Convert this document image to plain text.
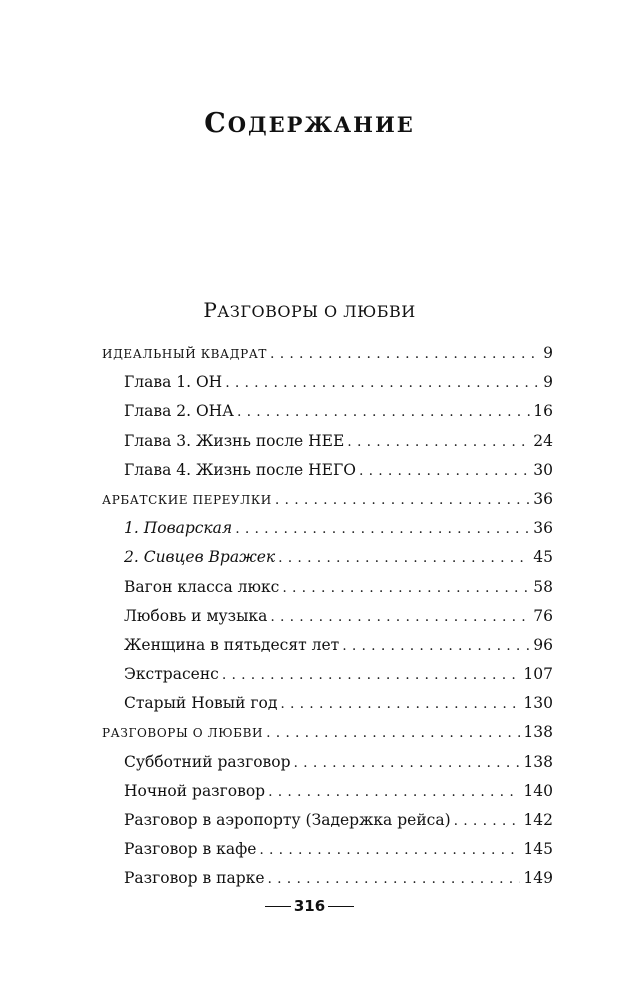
СОДЕРЖАНИЕ
РАЗГОВОРЫ О ЛЮБВИ
ИДЕАЛЬНЫЙ КВАДРАТ .....	9
Глава 1. ОН .....	9
Глава 2. ОНА .....	16
Глава 3. Жизнь после НЕЕ .....	24
Глава 4. Жизнь после НЕГО .....	30
АРБАТСКИЕ ПЕРЕУЛКИ .....	36
1. Поварская .....	36
2. Сивцев Вражек .....	45
Вагон класса люкс .....	58
Любовь и музыка .....	76
Женщина в пятьдесят лет .....	96
Экстрасенс .....	107
Старый Новый год .....	130
РАЗГОВОРЫ О ЛЮБВИ .....	138
Субботний разговор .....	138
Ночной разговор .....	140
Разговор в аэропорту (Задержка рейса) .....	142
Разговор в кафе .....	145
Разговор в парке .....	149
316
